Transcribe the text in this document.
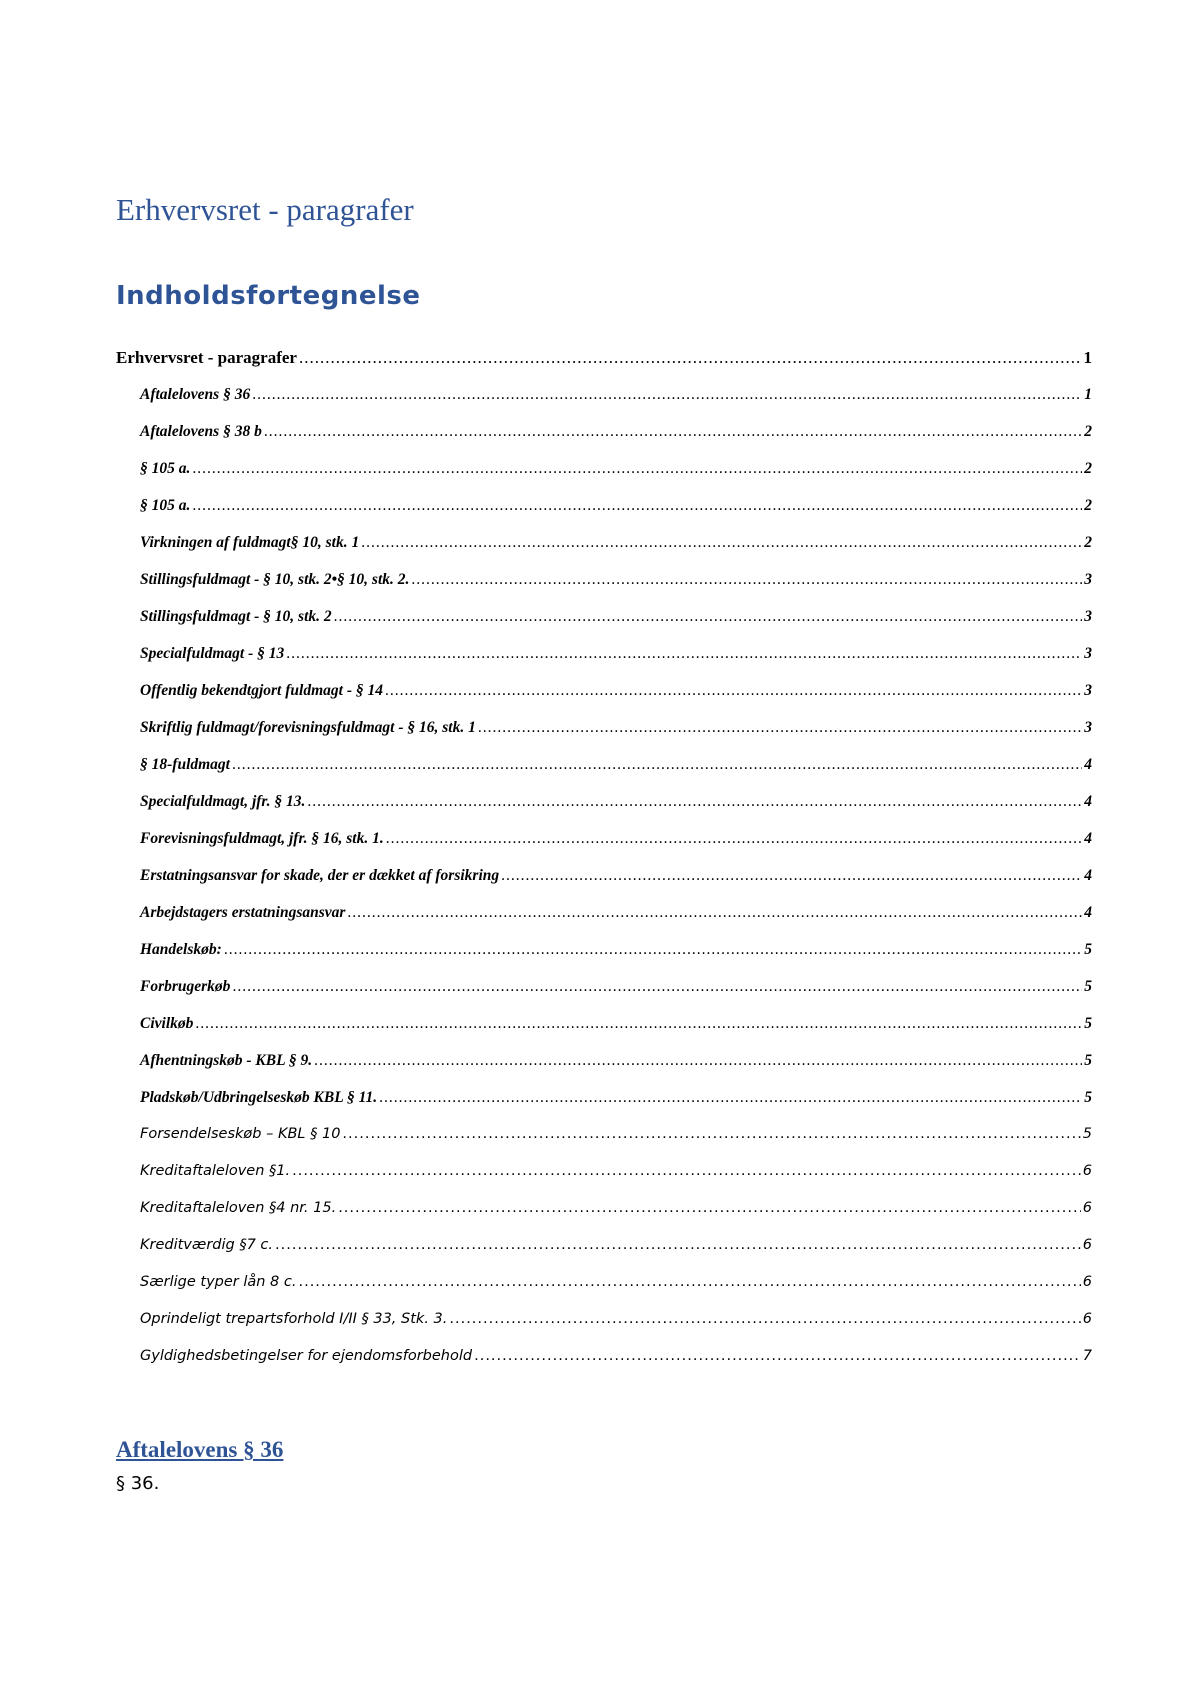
Erhvervsret - paragrafer
Indholdsfortegnelse
Erhvervsret - paragrafer .....	1
Aftalelovens § 36 .....	1
Aftalelovens § 38 b .....	2
§ 105 a. .....	2
§ 105 a. .....	2
Virkningen af fuldmagt§ 10, stk. 1 .....	2
Stillingsfuldmagt - § 10, stk. 2•§ 10, stk. 2. .....	3
Stillingsfuldmagt - § 10, stk. 2 .....	3
Specialfuldmagt - § 13 .....	3
Offentlig bekendtgjort fuldmagt - § 14 .....	3
Skriftlig fuldmagt/forevisningsfuldmagt - § 16, stk. 1 .....	3
§ 18-fuldmagt .....	4
Specialfuldmagt, jfr. § 13. .....	4
Forevisningsfuldmagt, jfr. § 16, stk. 1. .....	4
Erstatningsansvar for skade, der er dækket af forsikring .....	4
Arbejdstagers erstatningsansvar .....	4
Handelskøb: .....	5
Forbrugerkøb .....	5
Civilkøb .....	5
Afhentningskøb - KBL § 9. .....	5
Pladskøb/Udbringelseskøb KBL § 11. .....	5
Forsendelseskøb – KBL § 10 .....	5
Kreditaftaleloven §1. .....	6
Kreditaftaleloven §4 nr. 15. .....	6
Kreditværdig §7 c. .....	6
Særlige typer lån 8 c. .....	6
Oprindeligt trepartsforhold I/II § 33, Stk. 3. .....	6
Gyldighedsbetingelser for ejendomsforbehold .....	7
Aftalelovens § 36

§ 36.
